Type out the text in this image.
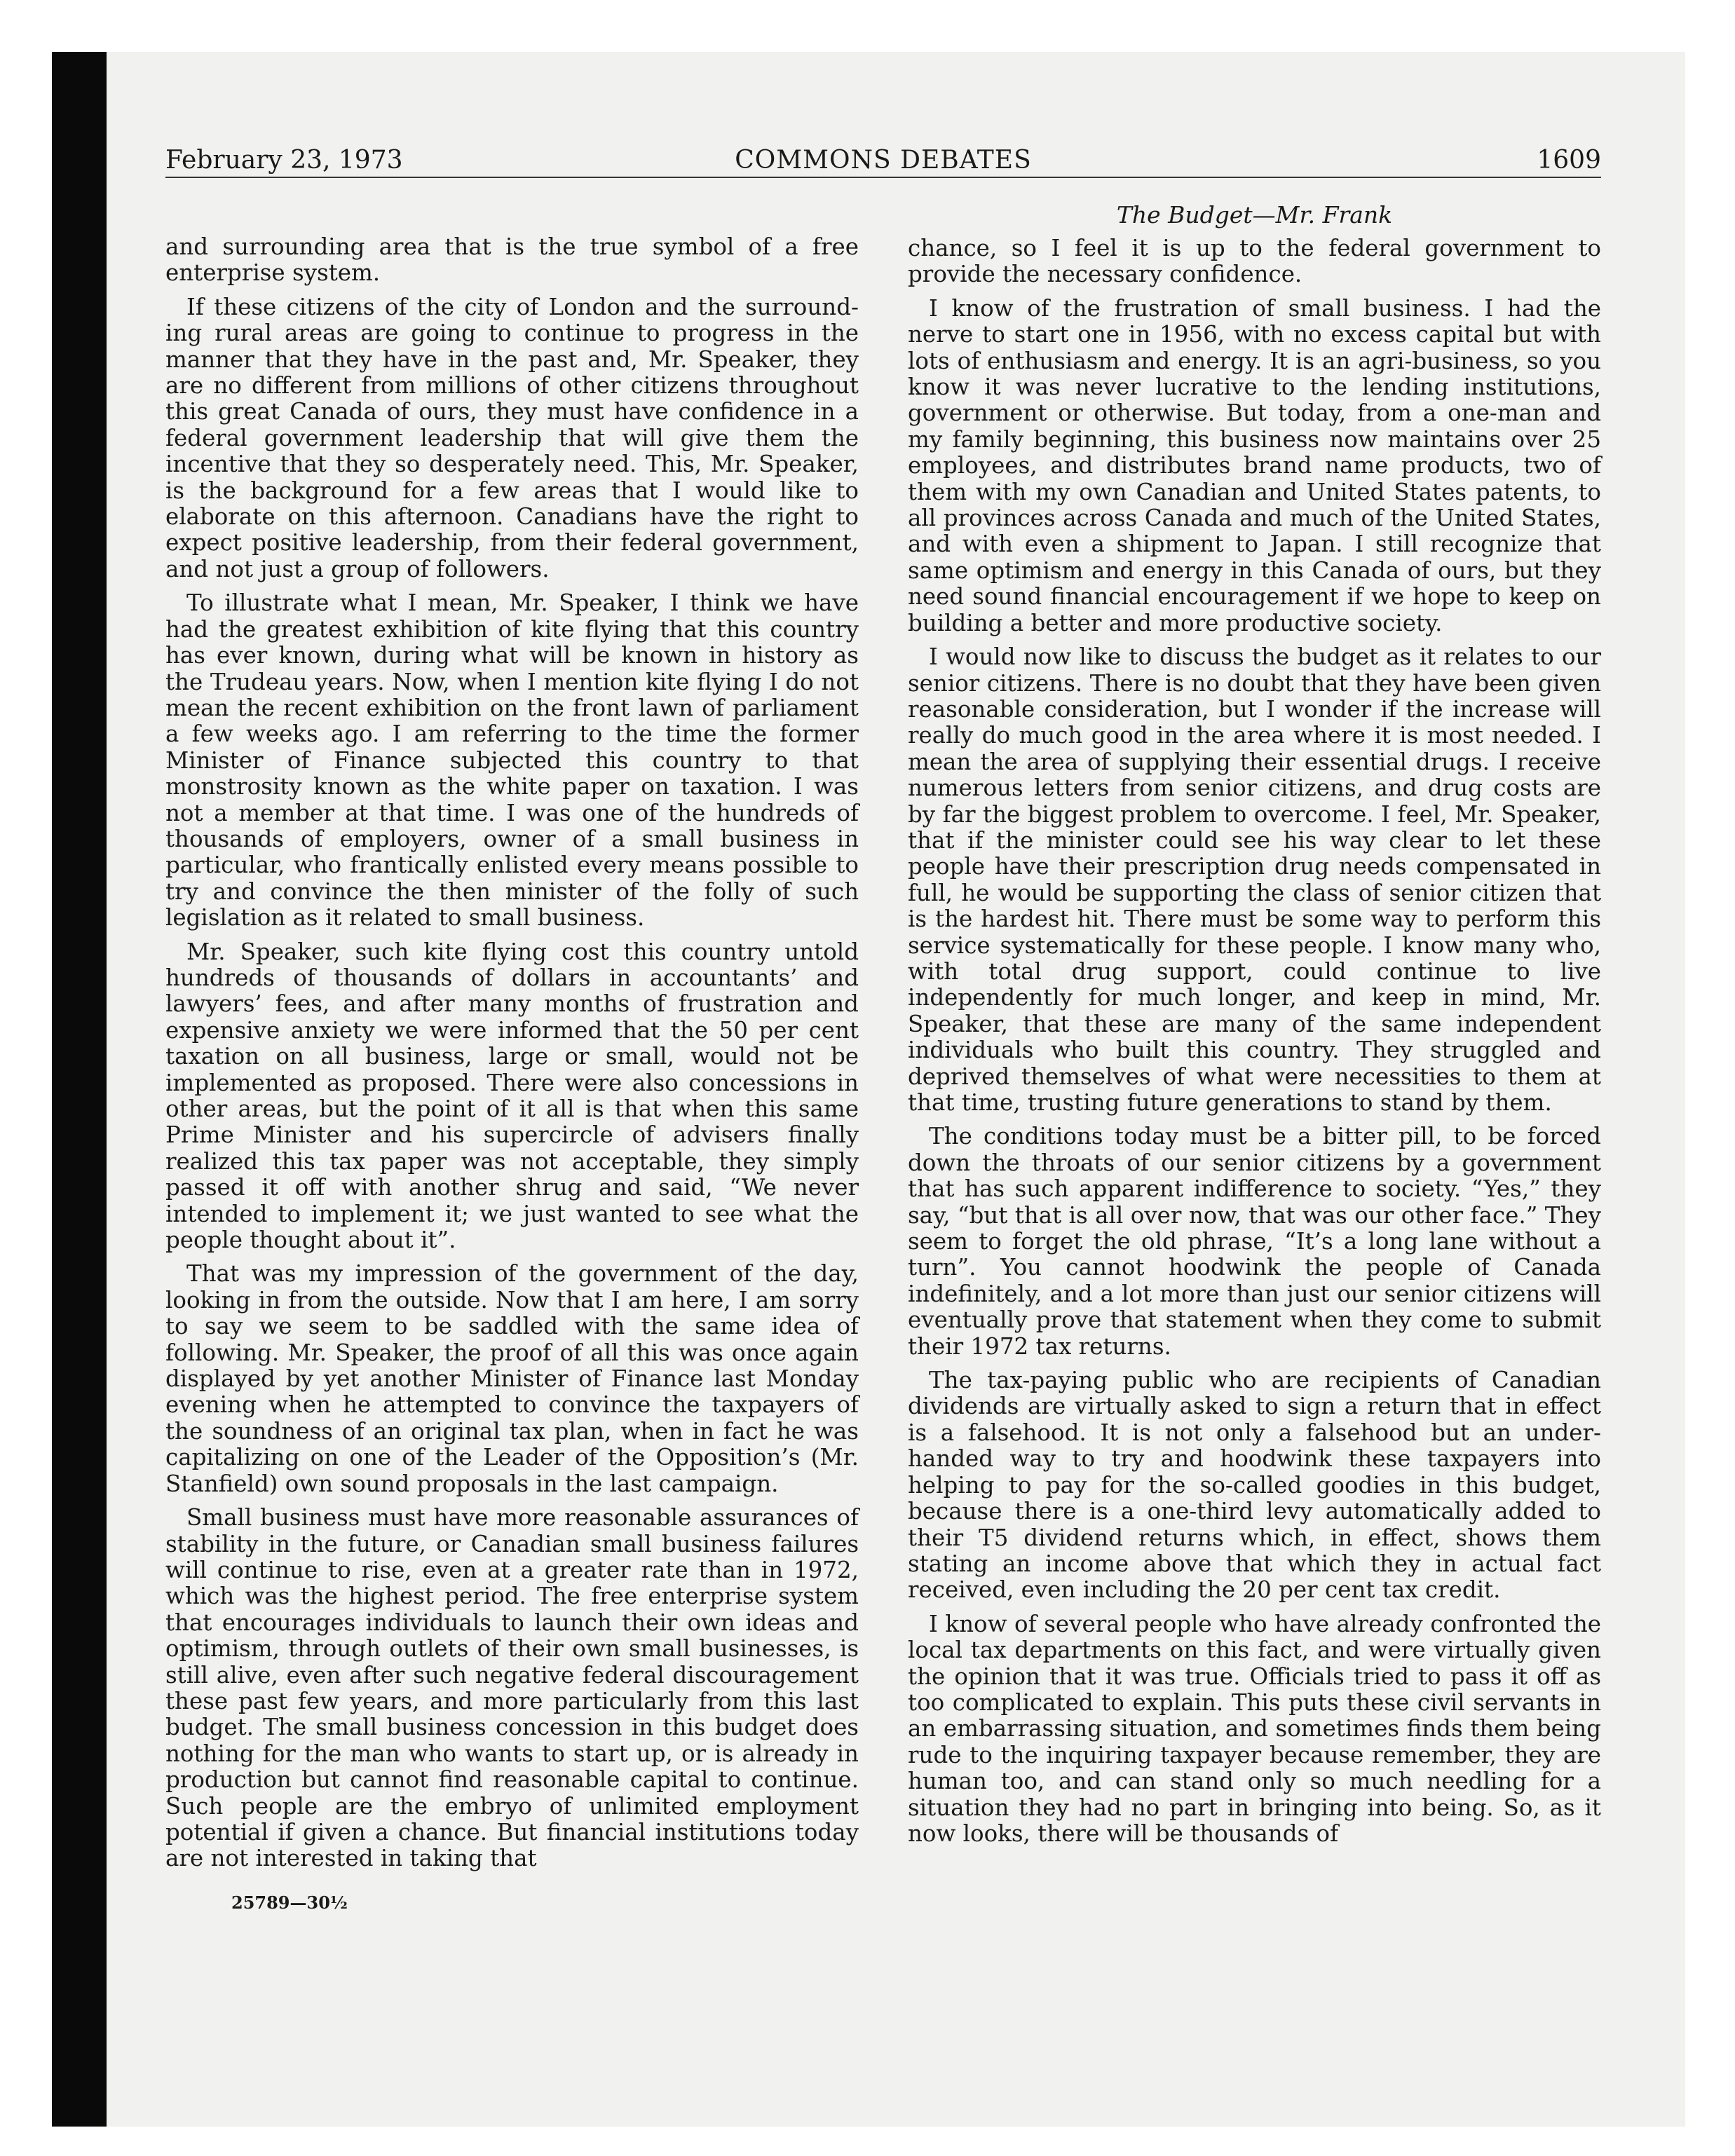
February 23, 1973	COMMONS DEBATES	1609
The Budget—Mr. Frank

and surrounding area that is the true symbol of a free enterprise system.

If these citizens of the city of London and the surrounding rural areas are going to continue to progress in the manner that they have in the past and, Mr. Speaker, they are no different from millions of other citizens throughout this great Canada of ours, they must have confidence in a federal government leadership that will give them the incentive that they so desperately need. This, Mr. Speaker, is the background for a few areas that I would like to elaborate on this afternoon. Canadians have the right to expect positive leadership, from their federal government, and not just a group of followers.

To illustrate what I mean, Mr. Speaker, I think we have had the greatest exhibition of kite flying that this country has ever known, during what will be known in history as the Trudeau years. Now, when I mention kite flying I do not mean the recent exhibition on the front lawn of parliament a few weeks ago. I am referring to the time the former Minister of Finance subjected this country to that monstrosity known as the white paper on taxation. I was not a member at that time. I was one of the hundreds of thousands of employers, owner of a small business in particular, who frantically enlisted every means possible to try and convince the then minister of the folly of such legislation as it related to small business.

Mr. Speaker, such kite flying cost this country untold hundreds of thousands of dollars in accountants’ and lawyers’ fees, and after many months of frustration and expensive anxiety we were informed that the 50 per cent taxation on all business, large or small, would not be implemented as proposed. There were also concessions in other areas, but the point of it all is that when this same Prime Minister and his supercircle of advisers finally realized this tax paper was not acceptable, they simply passed it off with another shrug and said, “We never intended to implement it; we just wanted to see what the people thought about it”.

That was my impression of the government of the day, looking in from the outside. Now that I am here, I am sorry to say we seem to be saddled with the same idea of following. Mr. Speaker, the proof of all this was once again displayed by yet another Minister of Finance last Monday evening when he attempted to convince the taxpayers of the soundness of an original tax plan, when in fact he was capitalizing on one of the Leader of the Opposition’s (Mr. Stanfield) own sound proposals in the last campaign.

Small business must have more reasonable assurances of stability in the future, or Canadian small business failures will continue to rise, even at a greater rate than in 1972, which was the highest period. The free enterprise system that encourages individuals to launch their own ideas and optimism, through outlets of their own small businesses, is still alive, even after such negative federal discouragement these past few years, and more particularly from this last budget. The small business concession in this budget does nothing for the man who wants to start up, or is already in production but cannot find reasonable capital to continue. Such people are the embryo of unlimited employment potential if given a chance. But financial institutions today are not interested in taking that

chance, so I feel it is up to the federal government to provide the necessary confidence.

I know of the frustration of small business. I had the nerve to start one in 1956, with no excess capital but with lots of enthusiasm and energy. It is an agri-business, so you know it was never lucrative to the lending institutions, government or otherwise. But today, from a one-man and my family beginning, this business now maintains over 25 employees, and distributes brand name products, two of them with my own Canadian and United States patents, to all provinces across Canada and much of the United States, and with even a shipment to Japan. I still recognize that same optimism and energy in this Canada of ours, but they need sound financial encouragement if we hope to keep on building a better and more productive society.

I would now like to discuss the budget as it relates to our senior citizens. There is no doubt that they have been given reasonable consideration, but I wonder if the increase will really do much good in the area where it is most needed. I mean the area of supplying their essential drugs. I receive numerous letters from senior citizens, and drug costs are by far the biggest problem to overcome. I feel, Mr. Speaker, that if the minister could see his way clear to let these people have their prescription drug needs compensated in full, he would be supporting the class of senior citizen that is the hardest hit. There must be some way to perform this service systematically for these people. I know many who, with total drug support, could continue to live independently for much longer, and keep in mind, Mr. Speaker, that these are many of the same independent individuals who built this country. They struggled and deprived themselves of what were necessities to them at that time, trusting future generations to stand by them.

The conditions today must be a bitter pill, to be forced down the throats of our senior citizens by a government that has such apparent indifference to society. “Yes,” they say, “but that is all over now, that was our other face.” They seem to forget the old phrase, “It’s a long lane without a turn”. You cannot hoodwink the people of Canada indefinitely, and a lot more than just our senior citizens will eventually prove that statement when they come to submit their 1972 tax returns.

The tax-paying public who are recipients of Canadian dividends are virtually asked to sign a return that in effect is a falsehood. It is not only a falsehood but an underhanded way to try and hoodwink these taxpayers into helping to pay for the so-called goodies in this budget, because there is a one-third levy automatically added to their T5 dividend returns which, in effect, shows them stating an income above that which they in actual fact received, even including the 20 per cent tax credit.

I know of several people who have already confronted the local tax departments on this fact, and were virtually given the opinion that it was true. Officials tried to pass it off as too complicated to explain. This puts these civil servants in an embarrassing situation, and sometimes finds them being rude to the inquiring taxpayer because remember, they are human too, and can stand only so much needling for a situation they had no part in bringing into being. So, as it now looks, there will be thousands of

25789—30½
